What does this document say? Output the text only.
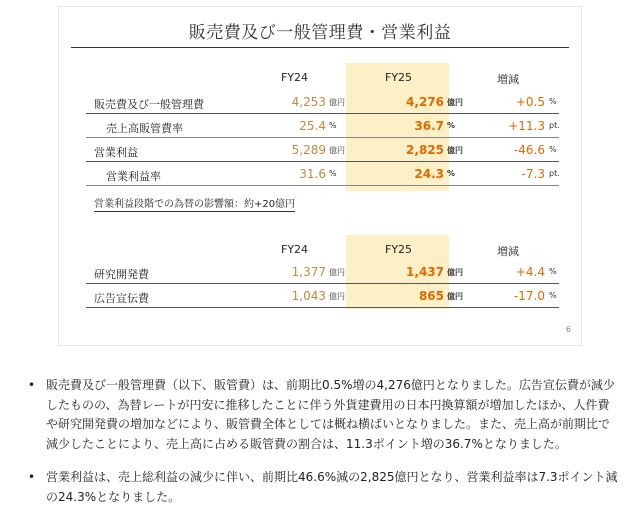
販売費及び一般管理費・営業利益
FY24	FY25	増減
販売費及び一般管理費	4,253 億円	4,276 億円	+0.5 %
売上高販管費率	25.4 %	36.7 %	+11.3 pt.
営業利益	5,289 億円	2,825 億円	-46.6 %
営業利益率	31.6 %	24.3 %	-7.3 pt.
営業利益段階での為替の影響額：約+20億円
FY24	FY25	増減
研究開発費	1,377 億円	1,437 億円	+4.4 %
広告宣伝費	1,043 億円	865 億円	-17.0 %
6
• 販売費及び一般管理費（以下、販管費）は、前期比0.5%増の4,276億円となりました。広告宣伝費が減少したものの、為替レートが円安に推移したことに伴う外貨建費用の日本円換算額が増加したほか、人件費や研究開発費の増加などにより、販管費全体としては概ね横ばいとなりました。また、売上高が前期比で減少したことにより、売上高に占める販管費の割合は、11.3ポイント増の36.7%となりました。
• 営業利益は、売上総利益の減少に伴い、前期比46.6%減の2,825億円となり、営業利益率は7.3ポイント減の24.3%となりました。
